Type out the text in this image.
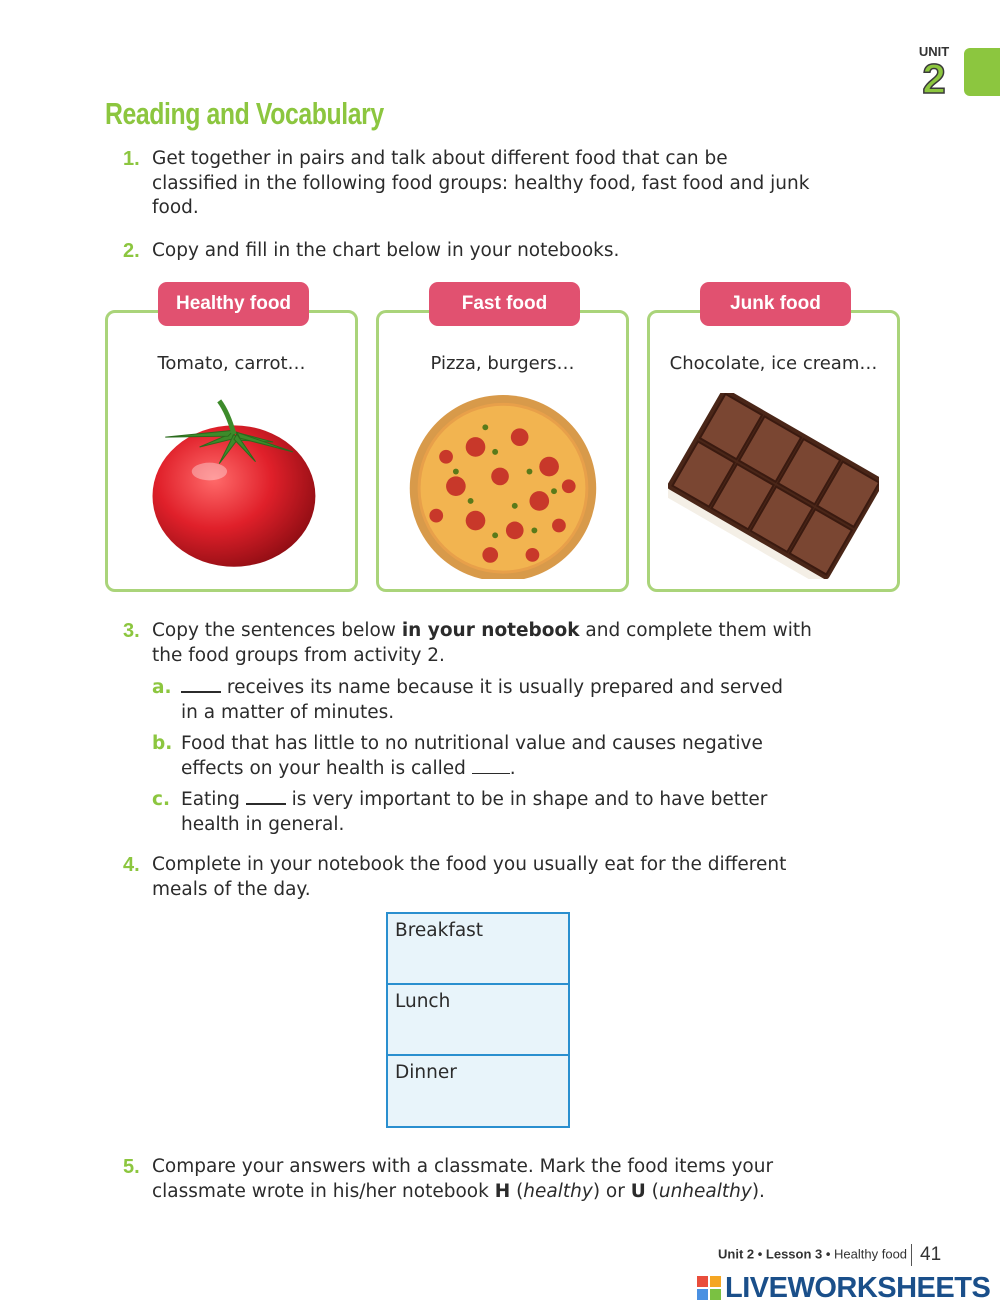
UNIT
2
Reading and Vocabulary
1. Get together in pairs and talk about different food that can be classified in the following food groups: healthy food, fast food and junk food.
2. Copy and fill in the chart below in your notebooks.
Tomato, carrot…
Healthy food
Pizza, burgers…
Fast food
Chocolate, ice cream…
Junk food
3. Copy the sentences below in your notebook and complete them with the food groups from activity 2.
a.	receives its name because it is usually prepared and served in a matter of minutes.
b. Food that has little to no nutritional value and causes negative effects on your health is called .
c. Eating  is very important to be in shape and to have better health in general.
4. Complete in your notebook the food you usually eat for the different meals of the day.
Breakfast
Lunch
Dinner
5. Compare your answers with a classmate. Mark the food items your classmate wrote in his/her notebook H (healthy) or U (unhealthy).
Unit 2 • Lesson 3 • Healthy food 41
LIVEWORKSHEETS
